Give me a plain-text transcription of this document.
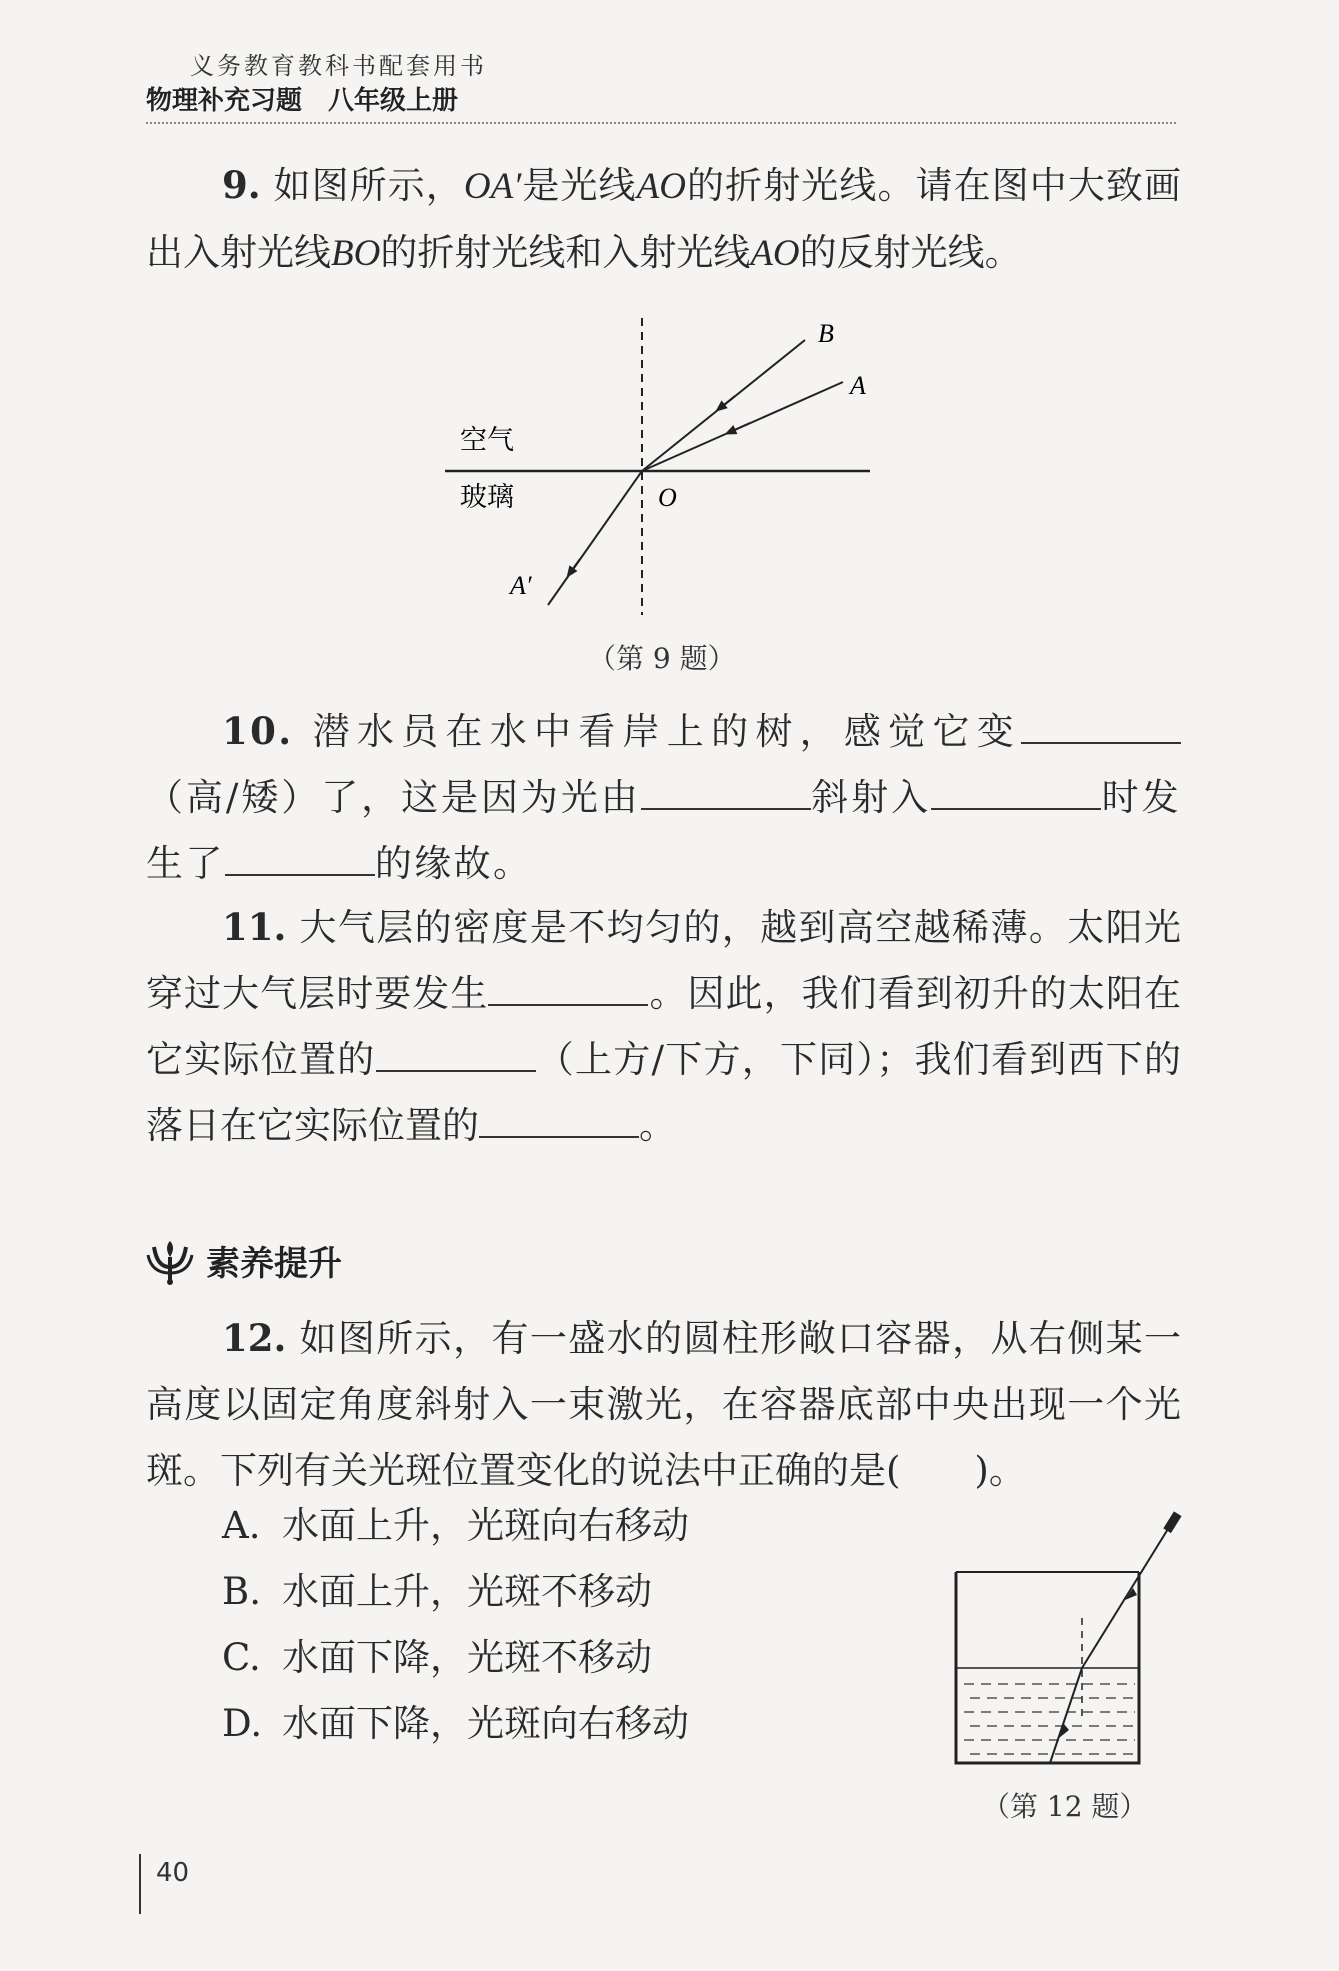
义务教育教科书配套用书
物理补充习题 八年级上册
9. 如图所示，OA′是光线AO的折射光线。请在图中大致画出入射光线BO的折射光线和入射光线AO的反射光线。
空气
玻璃
B
A
O
A′
（第 9 题）
10. 潜水员在水中看岸上的树，感觉它变（高/矮）了，这是因为光由	斜射入	时发生了	的缘故。
11. 大气层的密度是不均匀的，越到高空越稀薄。太阳光穿过大气层时要发生	。因此，我们看到初升的太阳在它实际位置的	（上方/下方，下同）；我们看到西下的落日在它实际位置的	。
素养提升
12. 如图所示，有一盛水的圆柱形敞口容器，从右侧某一高度以固定角度斜射入一束激光，在容器底部中央出现一个光斑。下列有关光斑位置变化的说法中正确的是(　　)。
A. 水面上升，光斑向右移动
B. 水面上升，光斑不移动
C. 水面下降，光斑不移动
D. 水面下降，光斑向右移动
（第 12 题）
40
